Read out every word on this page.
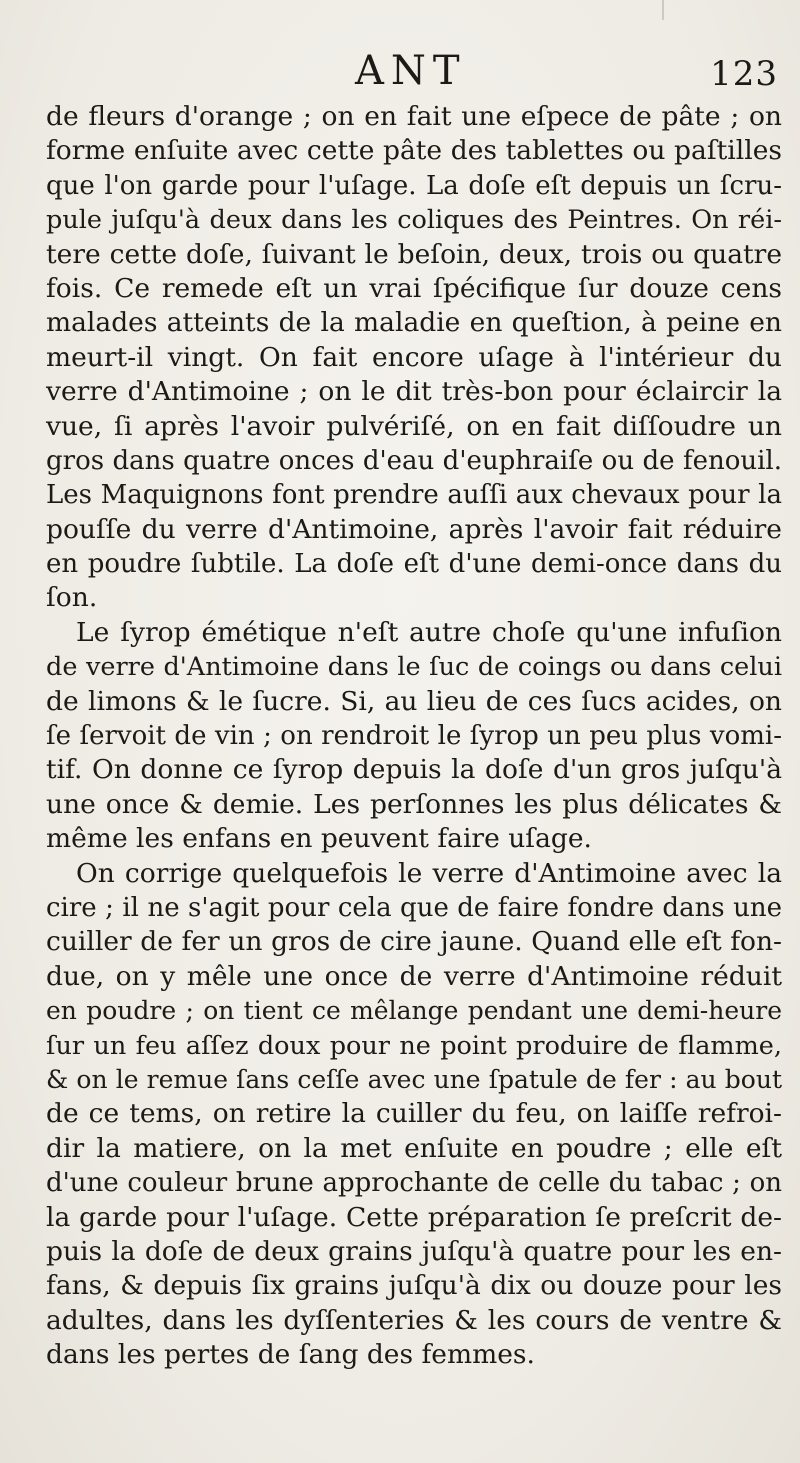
ANT	123
de fleurs d'orange ; on en fait une eſpece de pâte ; on
forme enſuite avec cette pâte des tablettes ou paſtilles
que l'on garde pour l'uſage. La doſe eſt depuis un ſcru-
pule juſqu'à deux dans les coliques des Peintres. On réi-
tere cette doſe, ſuivant le beſoin, deux, trois ou quatre
fois. Ce remede eſt un vrai ſpécifique ſur douze cens
malades atteints de la maladie en queſtion, à peine en
meurt-il vingt. On fait encore uſage à l'intérieur du
verre d'Antimoine ; on le dit très-bon pour éclaircir la
vue, ſi après l'avoir pulvériſé, on en fait diſſoudre un
gros dans quatre onces d'eau d'euphraiſe ou de fenouil.
Les Maquignons font prendre auſſi aux chevaux pour la
pouſſe du verre d'Antimoine, après l'avoir fait réduire
en poudre ſubtile. La doſe eſt d'une demi-once dans du
ſon.
Le ſyrop émétique n'eſt autre choſe qu'une infuſion
de verre d'Antimoine dans le ſuc de coings ou dans celui
de limons & le ſucre. Si, au lieu de ces ſucs acides, on
ſe ſervoit de vin ; on rendroit le ſyrop un peu plus vomi-
tif. On donne ce ſyrop depuis la doſe d'un gros juſqu'à
une once & demie. Les perſonnes les plus délicates &
même les enfans en peuvent faire uſage.
On corrige quelquefois le verre d'Antimoine avec la
cire ; il ne s'agit pour cela que de faire fondre dans une
cuiller de fer un gros de cire jaune. Quand elle eſt fon-
due, on y mêle une once de verre d'Antimoine réduit
en poudre ; on tient ce mêlange pendant une demi-heure
ſur un feu aſſez doux pour ne point produire de flamme,
& on le remue ſans ceſſe avec une ſpatule de fer : au bout
de ce tems, on retire la cuiller du feu, on laiſſe refroi-
dir la matiere, on la met enſuite en poudre ; elle eſt
d'une couleur brune approchante de celle du tabac ; on
la garde pour l'uſage. Cette préparation ſe preſcrit de-
puis la doſe de deux grains juſqu'à quatre pour les en-
fans, & depuis ſix grains juſqu'à dix ou douze pour les
adultes, dans les dyſſenteries & les cours de ventre &
dans les pertes de ſang des femmes.
